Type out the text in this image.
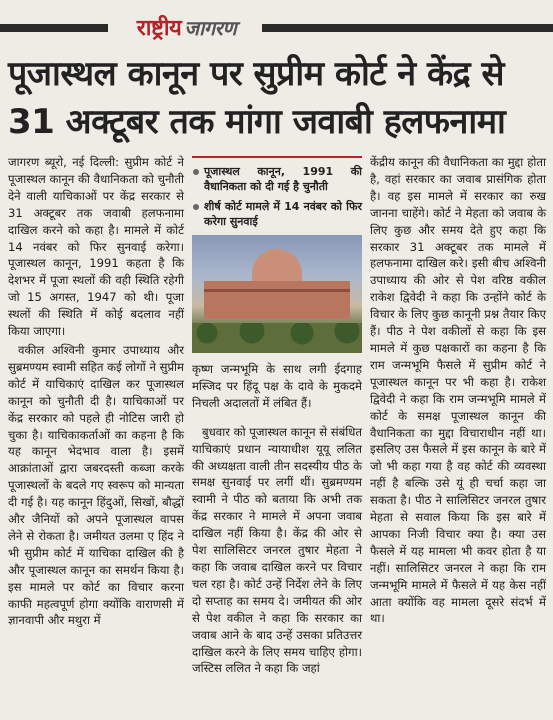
राष्ट्रीय जागरण
पूजास्थल कानून पर सुप्रीम कोर्ट ने केंद्र से
31 अक्टूबर तक मांगा जवाबी हलफनामा

जागरण ब्यूरो, नई दिल्ली: सुप्रीम कोर्ट ने पूजास्थल कानून की वैधानिकता को चुनौती देने वाली याचिकाओं पर केंद्र सरकार से 31 अक्टूबर तक जवाबी हलफनामा दाखिल करने को कहा है। मामले में कोर्ट 14 नवंबर को फिर सुनवाई करेगा। पूजास्थल कानून, 1991 कहता है कि देशभर में पूजा स्थलों की वही स्थिति रहेगी जो 15 अगस्त, 1947 को थी। पूजा स्थलों की स्थिति में कोई बदलाव नहीं किया जाएगा।

वकील अश्विनी कुमार उपाध्याय और सुब्रमण्यम स्वामी सहित कई लोगों ने सुप्रीम कोर्ट में याचिकाएं दाखिल कर पूजास्थल कानून को चुनौती दी है। याचिकाओं पर केंद्र सरकार को पहले ही नोटिस जारी हो चुका है। याचिकाकर्ताओं का कहना है कि यह कानून भेदभाव वाला है। इसमें आक्रांताओं द्वारा जबरदस्ती कब्जा करके पूजास्थलों के बदले गए स्वरूप को मान्यता दी गई है। यह कानून हिंदुओं, सिखों, बौद्धों और जैनियों को अपने पूजास्थल वापस लेने से रोकता है। जमीयत उलमा ए हिंद ने भी सुप्रीम कोर्ट में याचिका दाखिल की है और पूजास्थल कानून का समर्थन किया है। इस मामले पर कोर्ट का विचार करना काफी महत्वपूर्ण होगा क्योंकि वाराणसी में ज्ञानवापी और मथुरा में

पूजास्थल कानून, 1991 की वैधानिकता को दी गई है चुनौती
शीर्ष कोर्ट मामले में 14 नवंबर को फिर करेगा सुनवाई

कृष्ण जन्मभूमि के साथ लगी ईदगाह मस्जिद पर हिंदू पक्ष के दावे के मुकदमे निचली अदालतों में लंबित हैं।

बुधवार को पूजास्थल कानून से संबंधित याचिकाएं प्रधान न्यायाधीश यूयू ललित की अध्यक्षता वाली तीन सदस्यीय पीठ के समक्ष सुनवाई पर लगीं थीं। सुब्रमण्यम स्वामी ने पीठ को बताया कि अभी तक केंद्र सरकार ने मामले में अपना जवाब दाखिल नहीं किया है। केंद्र की ओर से पेश सालिसिटर जनरल तुषार मेहता ने कहा कि जवाब दाखिल करने पर विचार चल रहा है। कोर्ट उन्हें निर्देश लेने के लिए दो सप्ताह का समय दे। जमीयत की ओर से पेश वकील ने कहा कि सरकार का जवाब आने के बाद उन्हें उसका प्रतिउत्तर दाखिल करने के लिए समय चाहिए होगा। जस्टिस ललित ने कहा कि जहां

केंद्रीय कानून की वैधानिकता का मुद्दा होता है, वहां सरकार का जवाब प्रासंगिक होता है। वह इस मामले में सरकार का रुख जानना चाहेंगे। कोर्ट ने मेहता को जवाब के लिए कुछ और समय देते हुए कहा कि सरकार 31 अक्टूबर तक मामले में हलफनामा दाखिल करे। इसी बीच अश्विनी उपाध्याय की ओर से पेश वरिष्ठ वकील राकेश द्विवेदी ने कहा कि उन्होंने कोर्ट के विचार के लिए कुछ कानूनी प्रश्न तैयार किए हैं। पीठ ने पेश वकीलों से कहा कि इस मामले में कुछ पक्षकारों का कहना है कि राम जन्मभूमि फैसले में सुप्रीम कोर्ट ने पूजास्थल कानून पर भी कहा है। राकेश द्विवेदी ने कहा कि राम जन्मभूमि मामले में कोर्ट के समक्ष पूजास्थल कानून की वैधानिकता का मुद्दा विचाराधीन नहीं था। इसलिए उस फैसले में इस कानून के बारे में जो भी कहा गया है वह कोर्ट की व्यवस्था नहीं है बल्कि उसे यूं ही चर्चा कहा जा सकता है। पीठ ने सालिसिटर जनरल तुषार मेहता से सवाल किया कि इस बारे में आपका निजी विचार क्या है। क्या उस फैसले में यह मामला भी कवर होता है या नहीं। सालिसिटर जनरल ने कहा कि राम जन्मभूमि मामले में फैसले में यह केस नहीं आता क्योंकि वह मामला दूसरे संदर्भ में था।
